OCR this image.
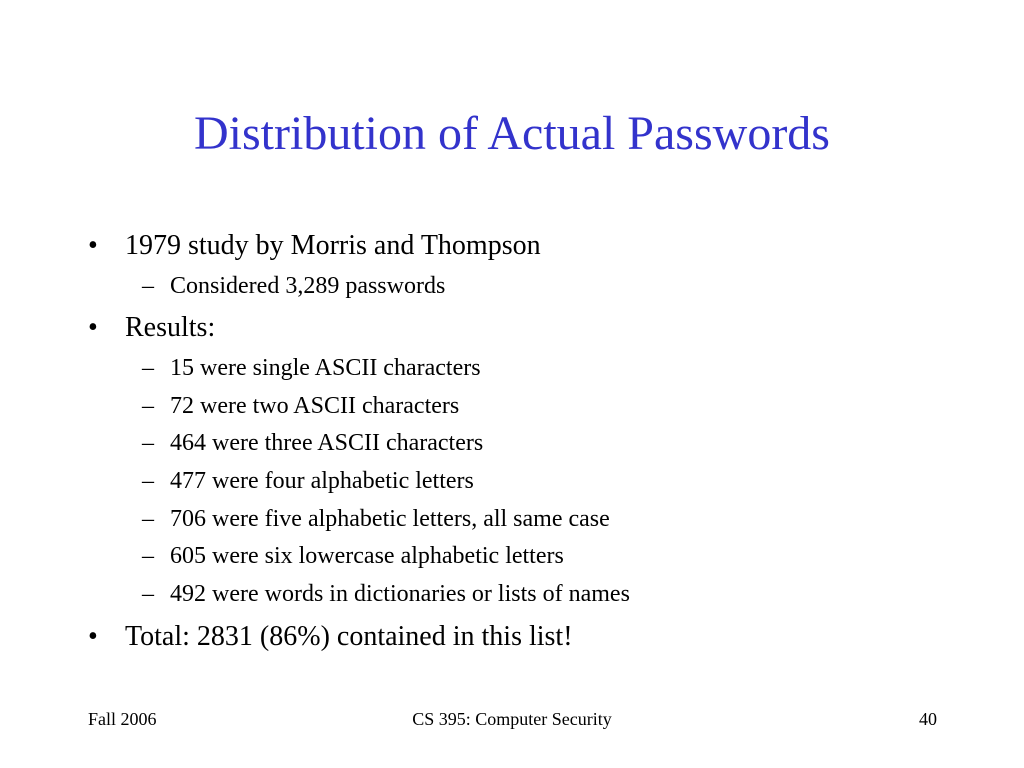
Distribution of Actual Passwords
• 1979 study by Morris and Thompson
– Considered 3,289 passwords
• Results:
– 15 were single ASCII characters
– 72 were two ASCII characters
– 464 were three ASCII characters
– 477 were four alphabetic letters
– 706 were five alphabetic letters, all same case
– 605 were six lowercase alphabetic letters
– 492 were words in dictionaries or lists of names
• Total: 2831 (86%) contained in this list!
Fall 2006	CS 395: Computer Security	40
